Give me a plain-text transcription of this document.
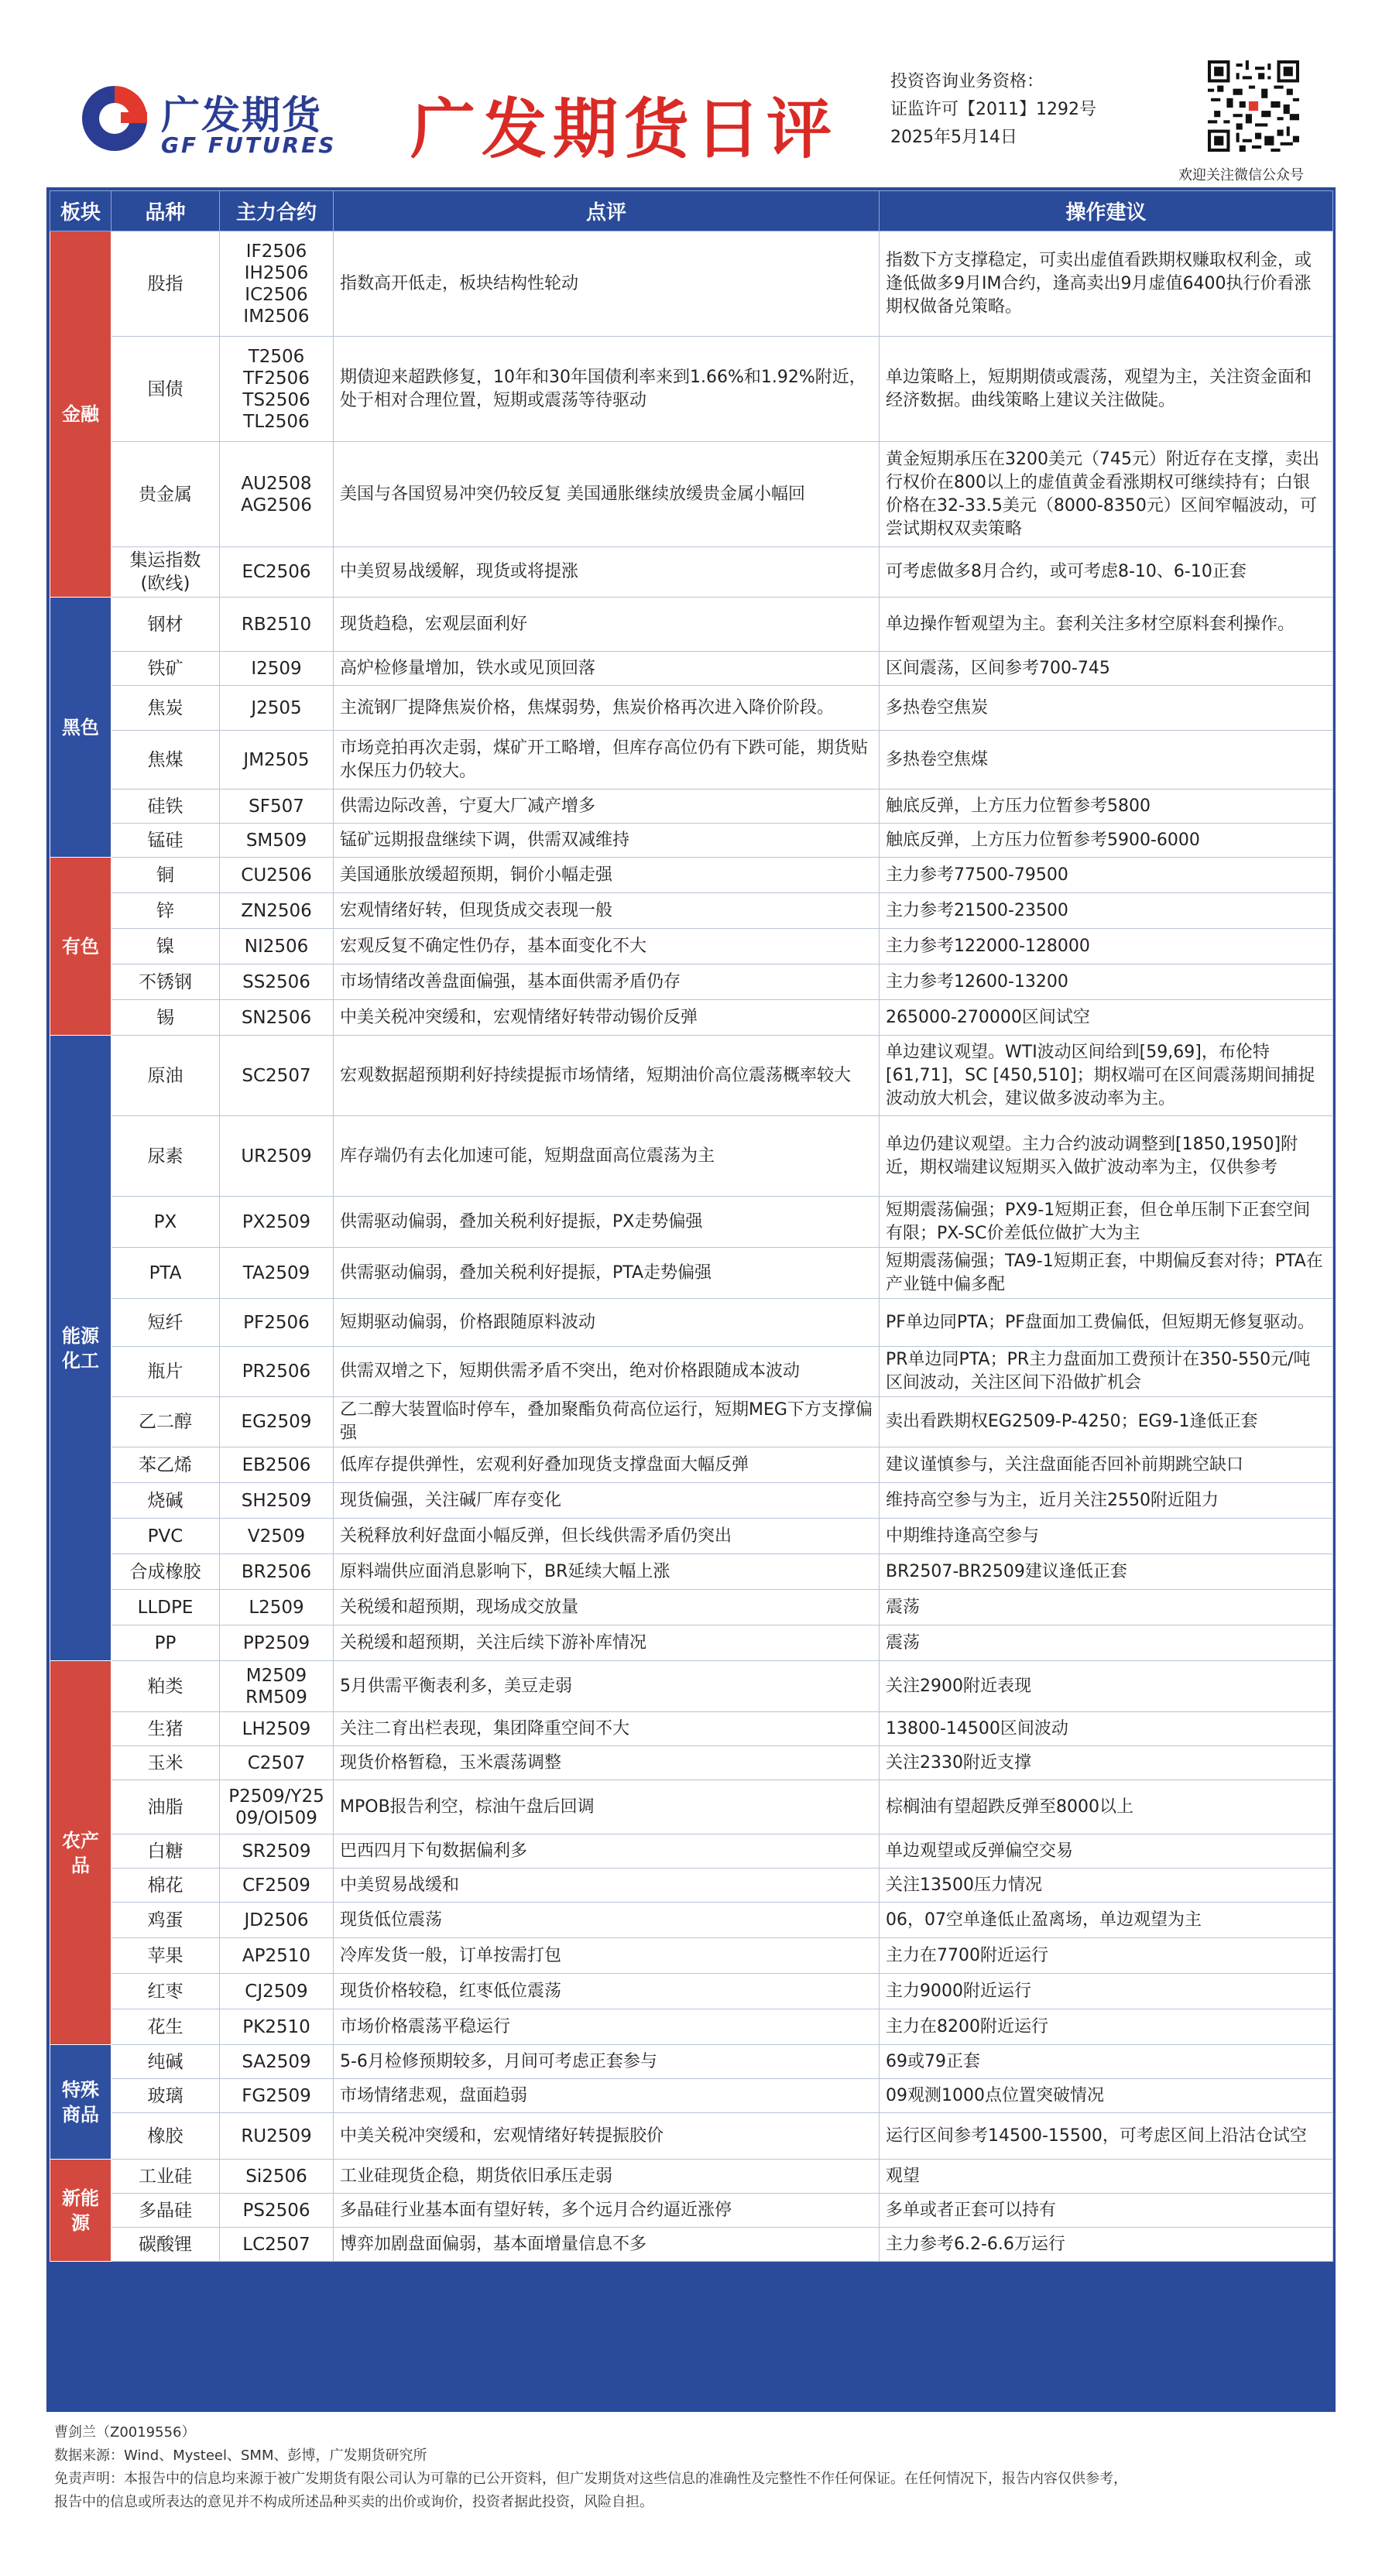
广发期货
GF FUTURES 广发期货日评
投资咨询业务资格：
证监许可【2011】1292号
2025年5月14日
欢迎关注微信公众号
板块	品种	主力合约	点评	操作建议
金融	股指	IF2506
IH2506
IC2506
IM2506	指数高开低走，板块结构性轮动	指数下方支撑稳定，可卖出虚值看跌期权赚取权利金，或逢低做多9月IM合约，逢高卖出9月虚值6400执行价看涨期权做备兑策略。
	国债	T2506
TF2506
TS2506
TL2506	期债迎来超跌修复，10年和30年国债利率来到1.66%和1.92%附近，处于相对合理位置，短期或震荡等待驱动	单边策略上，短期期债或震荡，观望为主，关注资金面和经济数据。曲线策略上建议关注做陡。
	贵金属	AU2508
AG2506	美国与各国贸易冲突仍较反复 美国通胀继续放缓贵金属小幅回	黄金短期承压在3200美元（745元）附近存在支撑，卖出行权价在800以上的虚值黄金看涨期权可继续持有；白银价格在32-33.5美元（8000-8350元）区间窄幅波动，可尝试期权双卖策略
	集运指数
(欧线)	EC2506	中美贸易战缓解，现货或将提涨	可考虑做多8月合约，或可考虑8-10、6-10正套
黑色	钢材	RB2510	现货趋稳，宏观层面利好	单边操作暂观望为主。套利关注多材空原料套利操作。
	铁矿	I2509	高炉检修量增加，铁水或见顶回落	区间震荡，区间参考700-745
	焦炭	J2505	主流钢厂提降焦炭价格，焦煤弱势，焦炭价格再次进入降价阶段。	多热卷空焦炭
	焦煤	JM2505	市场竞拍再次走弱，煤矿开工略增，但库存高位仍有下跌可能，期货贴水保压力仍较大。	多热卷空焦煤
	硅铁	SF507	供需边际改善，宁夏大厂减产增多	触底反弹，上方压力位暂参考5800
	锰硅	SM509	锰矿远期报盘继续下调，供需双减维持	触底反弹，上方压力位暂参考5900-6000
有色	铜	CU2506	美国通胀放缓超预期，铜价小幅走强	主力参考77500-79500
	锌	ZN2506	宏观情绪好转，但现货成交表现一般	主力参考21500-23500
	镍	NI2506	宏观反复不确定性仍存，基本面变化不大	主力参考122000-128000
	不锈钢	SS2506	市场情绪改善盘面偏强，基本面供需矛盾仍存	主力参考12600-13200
	锡	SN2506	中美关税冲突缓和，宏观情绪好转带动锡价反弹	265000-270000区间试空
能源
化工	原油	SC2507	宏观数据超预期利好持续提振市场情绪，短期油价高位震荡概率较大	单边建议观望。WTI波动区间给到[59,69]，布伦特[61,71]，SC [450,510]；期权端可在区间震荡期间捕捉波动放大机会，建议做多波动率为主。
	尿素	UR2509	库存端仍有去化加速可能，短期盘面高位震荡为主	单边仍建议观望。主力合约波动调整到[1850,1950]附近，期权端建议短期买入做扩波动率为主，仅供参考
	PX	PX2509	供需驱动偏弱，叠加关税利好提振，PX走势偏强	短期震荡偏强；PX9-1短期正套，但仓单压制下正套空间有限；PX-SC价差低位做扩大为主
	PTA	TA2509	供需驱动偏弱，叠加关税利好提振，PTA走势偏强	短期震荡偏强；TA9-1短期正套，中期偏反套对待；PTA在产业链中偏多配
	短纤	PF2506	短期驱动偏弱，价格跟随原料波动	PF单边同PTA；PF盘面加工费偏低，但短期无修复驱动。
	瓶片	PR2506	供需双增之下，短期供需矛盾不突出，绝对价格跟随成本波动	PR单边同PTA；PR主力盘面加工费预计在350-550元/吨区间波动，关注区间下沿做扩机会
	乙二醇	EG2509	乙二醇大装置临时停车，叠加聚酯负荷高位运行，短期MEG下方支撑偏强	卖出看跌期权EG2509-P-4250；EG9-1逢低正套
	苯乙烯	EB2506	低库存提供弹性，宏观利好叠加现货支撑盘面大幅反弹	建议谨慎参与，关注盘面能否回补前期跳空缺口
	烧碱	SH2509	现货偏强，关注碱厂库存变化	维持高空参与为主，近月关注2550附近阻力
	PVC	V2509	关税释放利好盘面小幅反弹，但长线供需矛盾仍突出	中期维持逢高空参与
	合成橡胶	BR2506	原料端供应面消息影响下，BR延续大幅上涨	BR2507-BR2509建议逢低正套
	LLDPE	L2509	关税缓和超预期，现场成交放量	震荡
	PP	PP2509	关税缓和超预期，关注后续下游补库情况	震荡
农产品	粕类	M2509
RM509	5月供需平衡表利多，美豆走弱	关注2900附近表现
	生猪	LH2509	关注二育出栏表现，集团降重空间不大	13800-14500区间波动
	玉米	C2507	现货价格暂稳，玉米震荡调整	关注2330附近支撑
	油脂	P2509/Y2509/OI509	MPOB报告利空，棕油午盘后回调	棕榈油有望超跌反弹至8000以上
	白糖	SR2509	巴西四月下旬数据偏利多	单边观望或反弹偏空交易
	棉花	CF2509	中美贸易战缓和	关注13500压力情况
	鸡蛋	JD2506	现货低位震荡	06，07空单逢低止盈离场，单边观望为主
	苹果	AP2510	冷库发货一般，订单按需打包	主力在7700附近运行
	红枣	CJ2509	现货价格较稳，红枣低位震荡	主力9000附近运行
	花生	PK2510	市场价格震荡平稳运行	主力在8200附近运行
特殊
商品	纯碱	SA2509	5-6月检修预期较多，月间可考虑正套参与	69或79正套
	玻璃	FG2509	市场情绪悲观，盘面趋弱	09观测1000点位置突破情况
	橡胶	RU2509	中美关税冲突缓和，宏观情绪好转提振胶价	运行区间参考14500-15500，可考虑区间上沿沽仓试空
新能源	工业硅	Si2506	工业硅现货企稳，期货依旧承压走弱	观望
	多晶硅	PS2506	多晶硅行业基本面有望好转，多个远月合约逼近涨停	多单或者正套可以持有
	碳酸锂	LC2507	博弈加剧盘面偏弱，基本面增量信息不多	主力参考6.2-6.6万运行
曹剑兰（Z0019556）
数据来源：Wind、Mysteel、SMM、彭博，广发期货研究所
免责声明：本报告中的信息均来源于被广发期货有限公司认为可靠的已公开资料，但广发期货对这些信息的准确性及完整性不作任何保证。在任何情况下，报告内容仅供参考，
报告中的信息或所表达的意见并不构成所述品种买卖的出价或询价，投资者据此投资，风险自担。
